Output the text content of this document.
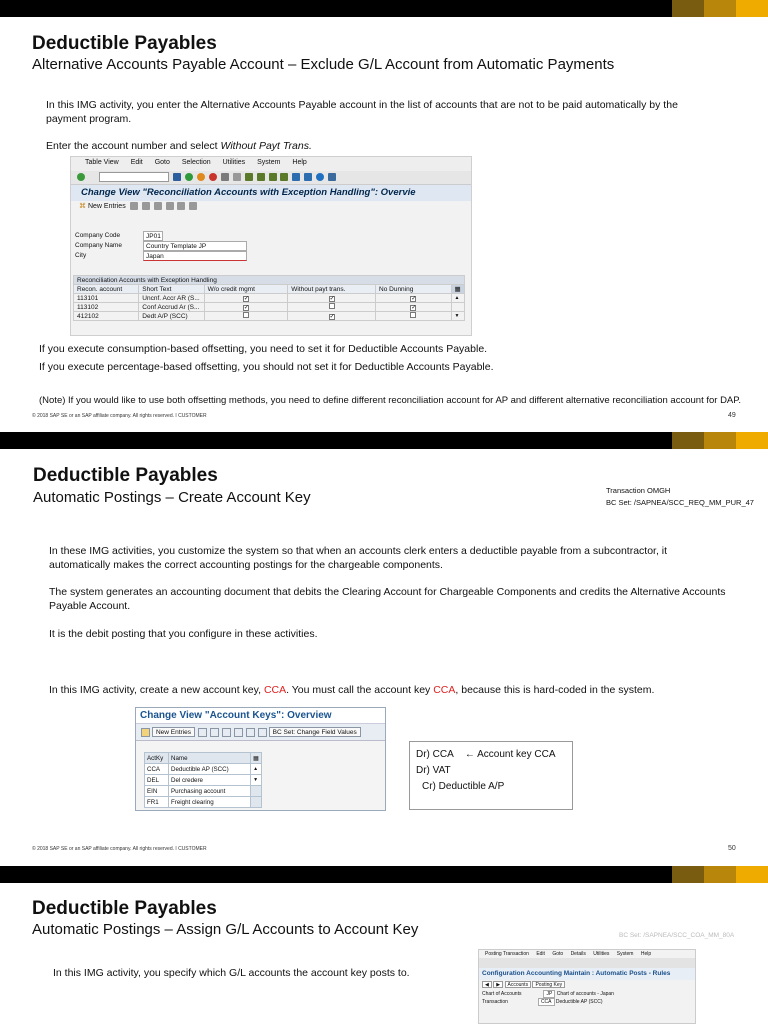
Deductible Payables
Alternative Accounts Payable Account – Exclude G/L Account from Automatic Payments
In this IMG activity, you enter the Alternative Accounts Payable account in the list of accounts that are not to be paid automatically by the payment program.
Enter the account number and select Without Payt Trans.
Table View Edit Goto Selection Utilities System Help

Change View "Reconciliation Accounts with Exception Handling": Overvie
⌘ New Entries
Company Code	JP01
Company Name	Country Template JP
City	Japan
Reconciliation Accounts with Exception Handling					
Recon. account	Short Text	W/o credit mgmt	Without payt trans.	No Dunning	▦
113101	Uncnf. Accr AR (S...	✓	✓	✓	▲
113102	Conf Accrud Ar (S...	✓		✓	
412102	Dedt A/P (SCC)		✓		▼
If you execute consumption-based offsetting, you need to set it for Deductible Accounts Payable.
If you execute percentage-based offsetting, you should not set it for Deductible Accounts Payable.
(Note) If you would like to use both offsetting methods, you need to define different reconciliation account for AP and different alternative reconciliation account for DAP.
© 2018 SAP SE or an SAP affiliate company. All rights reserved. ǀ CUSTOMER	49
Deductible Payables
Automatic Postings – Create Account Key	Transaction OMGH
BC Set: /SAPNEA/SCC_REQ_MM_PUR_47
In these IMG activities, you customize the system so that when an accounts clerk enters a deductible payable from a subcontractor, it automatically makes the correct accounting postings for the chargeable components.
The system generates an accounting document that debits the Clearing Account for Chargeable Components and credits the Alternative Accounts Payable Account.
It is the debit posting that you configure in these activities.
In this IMG activity, create a new account key, CCA. You must call the account key CCA, because this is hard-coded in the system.
© 2018 SAP SE or an SAP affiliate company. All rights reserved. ǀ CUSTOMER	50
Change View "Account Keys": Overview
New Entries	BC Set: Change Field Values
ActKy	Name	▦
CCA	Deductible AP (SCC)	▲
DEL	Del credere	▼
EIN	Purchasing account	
FR1	Freight clearing	
Dr) CCA ← Account key CCA
Dr) VAT
Cr) Deductible A/P
Deductible Payables
Automatic Postings – Assign G/L Accounts to Account Key	BC Set: /SAPNEA/SCC_COA_MM_80A
In this IMG activity, you specify which G/L accounts the account key posts to.
Posting Transaction Edit Goto Details Utilities System Help
Configuration Accounting Maintain : Automatic Posts - Rules
◀ ▶ Accounts Posting Key
Chart of Accounts	JP Chart of accounts - Japan
Transaction	CCA Deductible AP (SCC)
